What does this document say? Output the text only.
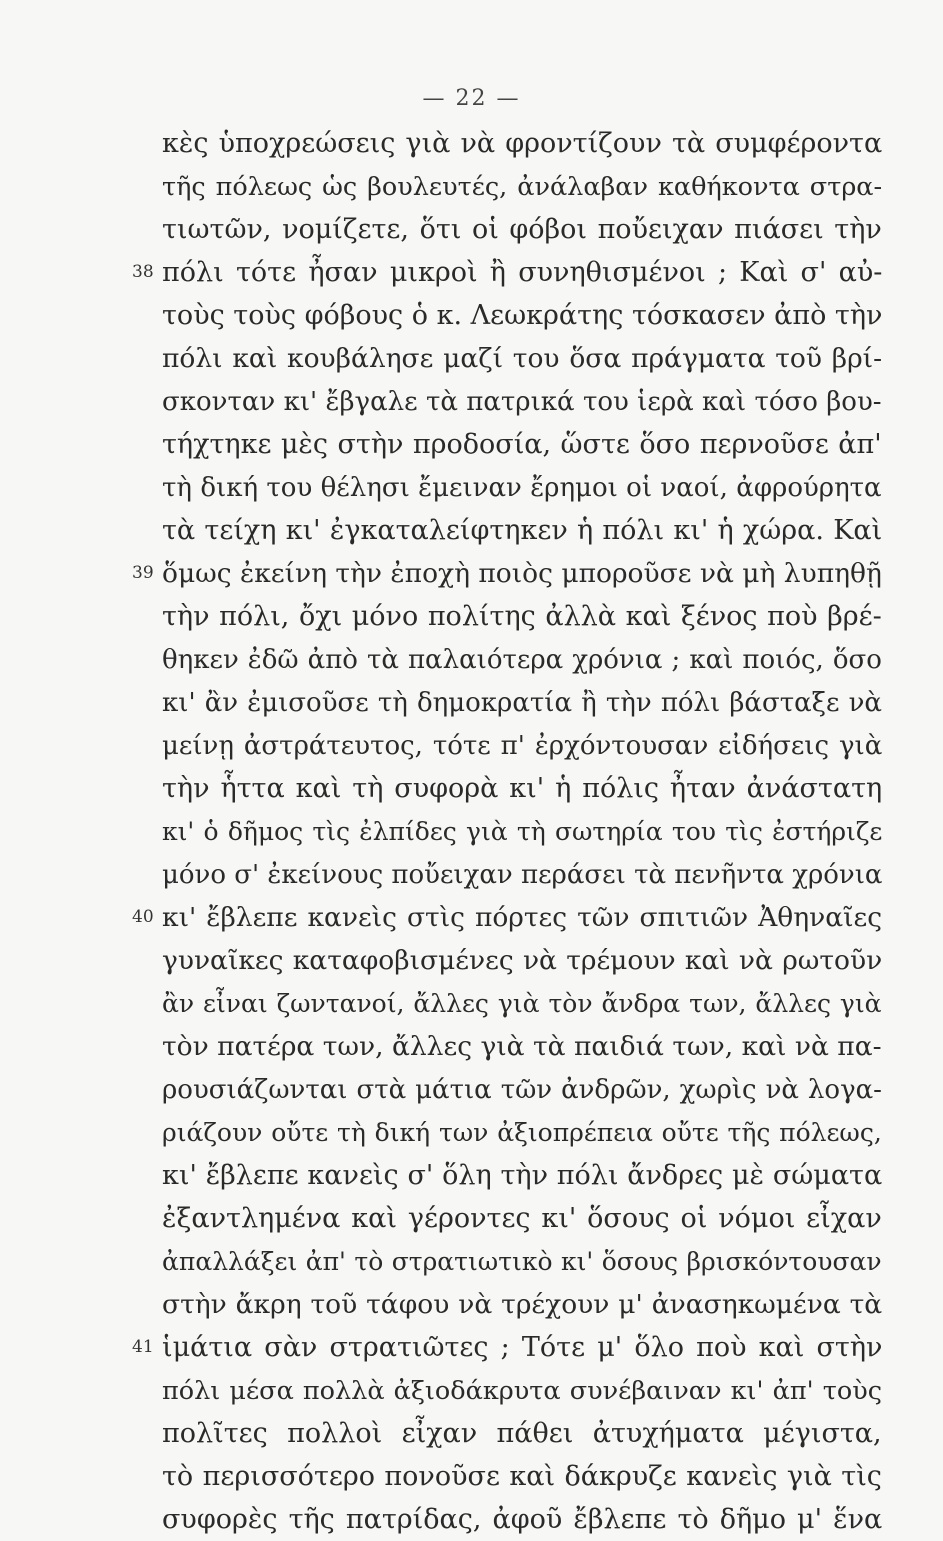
— 22 —
κὲς ὑποχρεώσεις γιὰ νὰ φροντίζουν τὰ συμφέροντα
τῆς πόλεως ὡς βουλευτές, ἀνάλαβαν καθήκοντα στρα-
τιωτῶν, νομίζετε, ὅτι οἱ φόβοι ποὔειχαν πιάσει τὴν
38 πόλι τότε ἦσαν μικροὶ ἢ συνηθισμένοι ; Καὶ σ' αὐ-
τοὺς τοὺς φόβους ὁ κ. Λεωκράτης τόσκασεν ἀπὸ τὴν
πόλι καὶ κουβάλησε μαζί του ὅσα πράγματα τοῦ βρί-
σκονταν κι' ἔβγαλε τὰ πατρικά του ἱερὰ καὶ τόσο βου-
τήχτηκε μὲς στὴν προδοσία, ὥστε ὅσο περνοῦσε ἀπ'
τὴ δική του θέλησι ἔμειναν ἔρημοι οἱ ναοί, ἀφρούρητα
τὰ τείχη κι' ἐγκαταλείφτηκεν ἡ πόλι κι' ἡ χώρα. Καὶ
39 ὅμως ἐκείνη τὴν ἐποχὴ ποιὸς μποροῦσε νὰ μὴ λυπηθῇ
τὴν πόλι, ὄχι μόνο πολίτης ἀλλὰ καὶ ξένος ποὺ βρέ-
θηκεν ἐδῶ ἀπὸ τὰ παλαιότερα χρόνια ; καὶ ποιός, ὅσο
κι' ἂν ἐμισοῦσε τὴ δημοκρατία ἢ τὴν πόλι βάσταξε νὰ
μείνῃ ἀστράτευτος, τότε π' ἐρχόντουσαν εἰδήσεις γιὰ
τὴν ἧττα καὶ τὴ συφορὰ κι' ἡ πόλις ἦταν ἀνάστατη
κι' ὁ δῆμος τὶς ἐλπίδες γιὰ τὴ σωτηρία του τὶς ἐστήριζε
μόνο σ' ἐκείνους ποὔειχαν περάσει τὰ πενῆντα χρόνια
40 κι' ἔβλεπε κανεὶς στὶς πόρτες τῶν σπιτιῶν Ἀθηναῖες
γυναῖκες καταφοβισμένες νὰ τρέμουν καὶ νὰ ρωτοῦν
ἂν εἶναι ζωντανοί, ἄλλες γιὰ τὸν ἄνδρα των, ἄλλες γιὰ
τὸν πατέρα των, ἄλλες γιὰ τὰ παιδιά των, καὶ νὰ πα-
ρουσιάζωνται στὰ μάτια τῶν ἀνδρῶν, χωρὶς νὰ λογα-
ριάζουν οὔτε τὴ δική των ἀξιοπρέπεια οὔτε τῆς πόλεως,
κι' ἔβλεπε κανεὶς σ' ὅλη τὴν πόλι ἄνδρες μὲ σώματα
ἐξαντλημένα καὶ γέροντες κι' ὅσους οἱ νόμοι εἶχαν
ἀπαλλάξει ἀπ' τὸ στρατιωτικὸ κι' ὅσους βρισκόντουσαν
στὴν ἄκρη τοῦ τάφου νὰ τρέχουν μ' ἀνασηκωμένα τὰ
41 ἱμάτια σὰν στρατιῶτες ; Τότε μ' ὅλο ποὺ καὶ στὴν
πόλι μέσα πολλὰ ἀξιοδάκρυτα συνέβαιναν κι' ἀπ' τοὺς
πολῖτες πολλοὶ εἶχαν πάθει ἀτυχήματα μέγιστα,
τὸ περισσότερο πονοῦσε καὶ δάκρυζε κανεὶς γιὰ τὶς
συφορὲς τῆς πατρίδας, ἀφοῦ ἔβλεπε τὸ δῆμο μ' ἕνα
